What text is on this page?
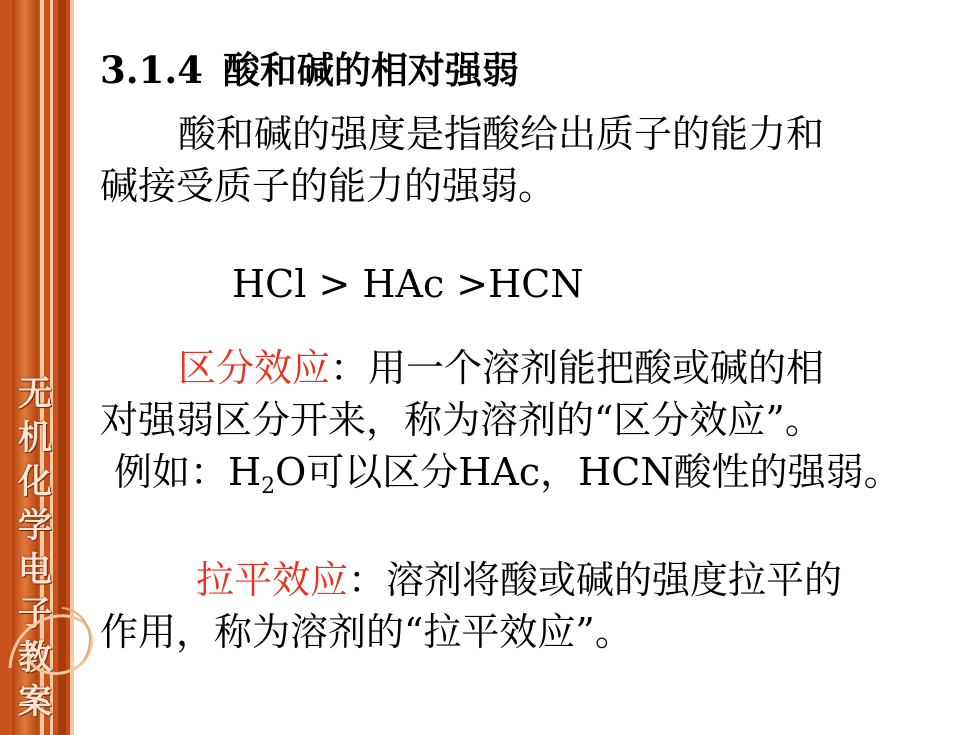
无
机
化
学
电
子
教
案
3.1.4 酸和碱的相对强弱
酸和碱的强度是指酸给出质子的能力和
碱接受质子的能力的强弱。
HCl > HAc >HCN
区分效应：用一个溶剂能把酸或碱的相
对强弱区分开来，称为溶剂的“区分效应”。
例如：$H_2O$可以区分HAc，HCN酸性的强弱。
拉平效应：溶剂将酸或碱的强度拉平的
作用，称为溶剂的“拉平效应”。
